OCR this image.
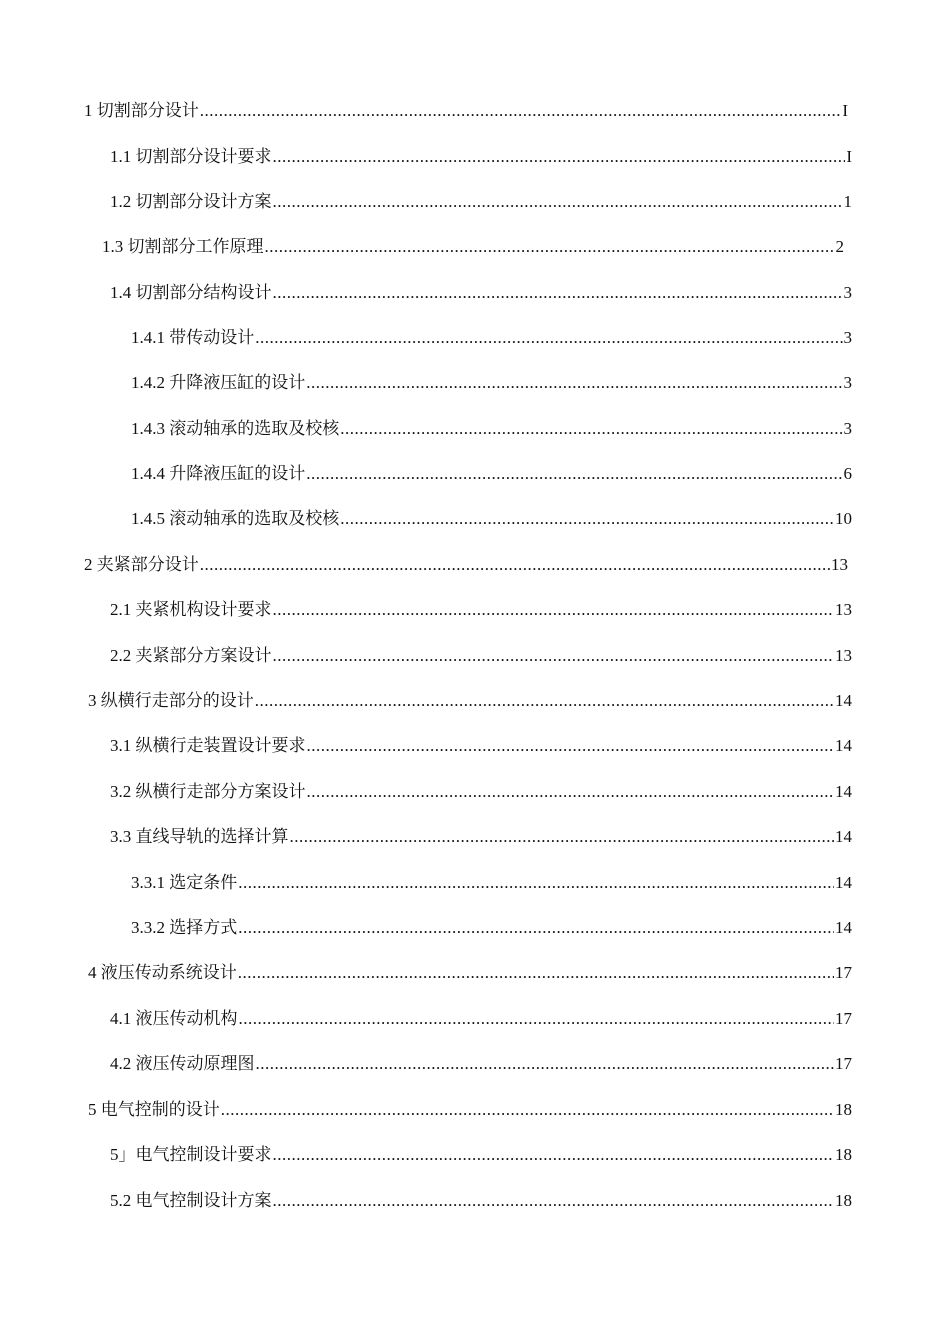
1 切割部分设计 .....	I
1.1 切割部分设计要求 .....	I
1.2 切割部分设计方案 .....	1
1.3 切割部分工作原理 .....	2
1.4 切割部分结构设计 .....	3
1.4.1 带传动设计 .....	3
1.4.2 升降液压缸的设计 .....	3
1.4.3 滚动轴承的选取及校核 .....	3
1.4.4 升降液压缸的设计 .....	6
1.4.5 滚动轴承的选取及校核 .....	10
2 夹紧部分设计 .....	13
2.1 夹紧机构设计要求 .....	13
2.2 夹紧部分方案设计 .....	13
3 纵横行走部分的设计 .....	14
3.1 纵横行走装置设计要求 .....	14
3.2 纵横行走部分方案设计 .....	14
3.3 直线导轨的选择计算 .....	14
3.3.1 选定条件 .....	14
3.3.2 选择方式 .....	14
4 液压传动系统设计 .....	17
4.1 液压传动机构 .....	17
4.2 液压传动原理图 .....	17
5 电气控制的设计 .....	18
5」电气控制设计要求 .....	18
5.2 电气控制设计方案 .....	18
